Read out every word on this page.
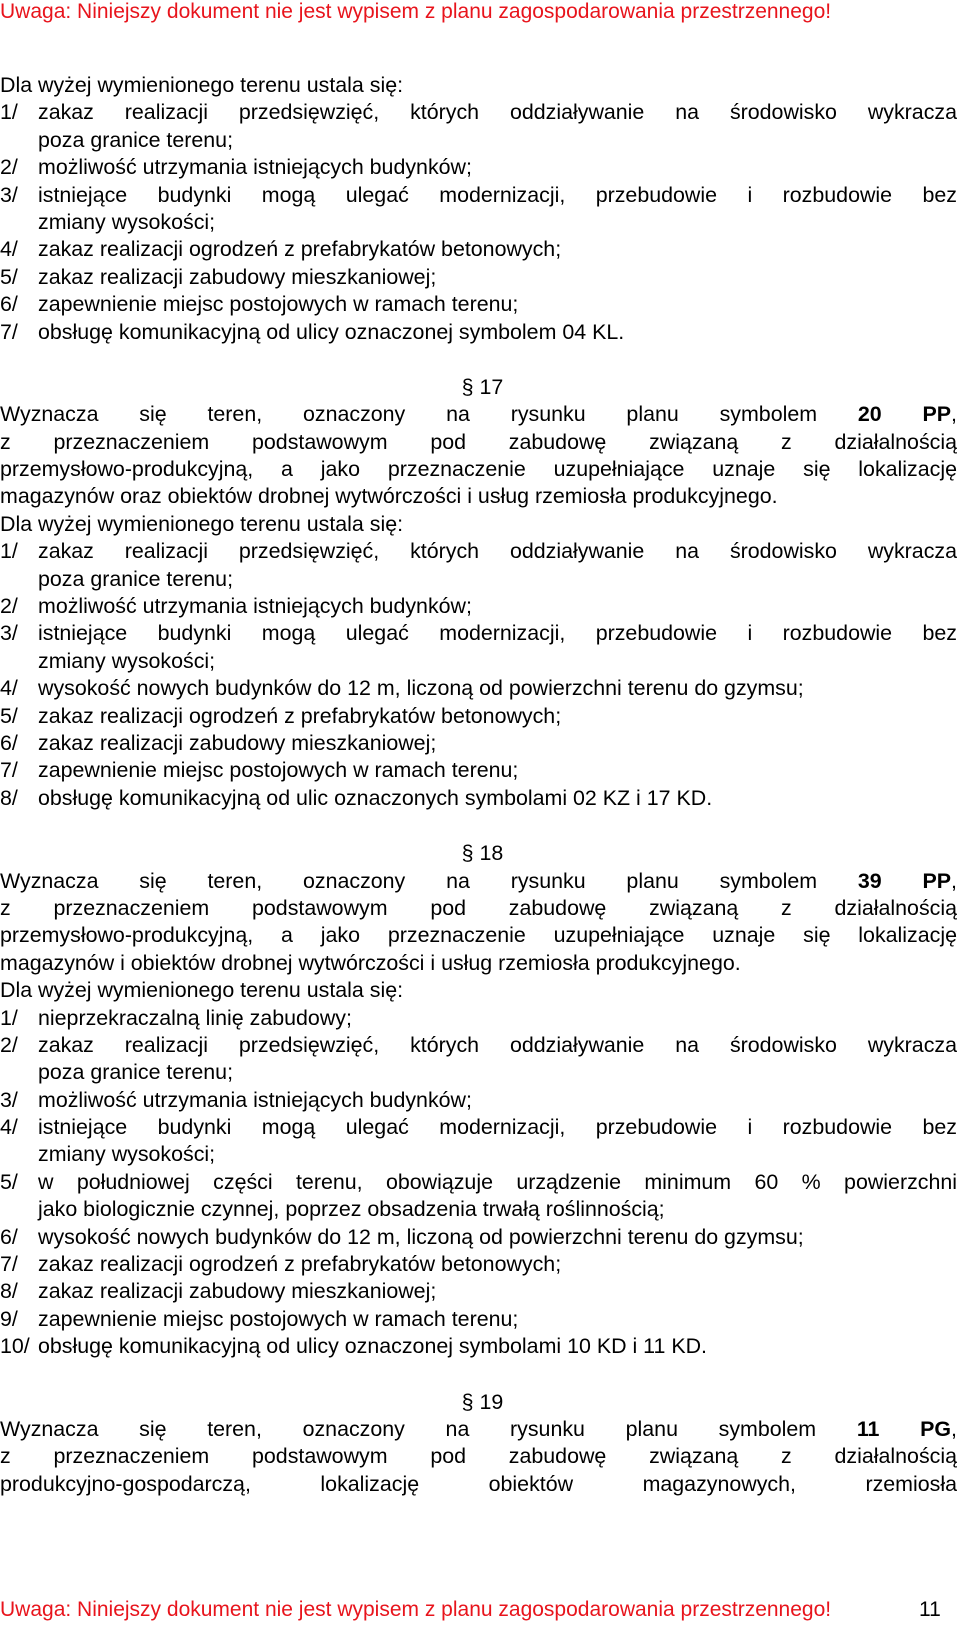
Uwaga: Niniejszy dokument nie jest wypisem z planu zagospodarowania przestrzennego!
Dla wyżej wymienionego terenu ustala się:
1/ zakaz realizacji przedsięwzięć, których oddziaływanie na środowisko wykracza
poza granice terenu;
2/ możliwość utrzymania istniejących budynków;
3/ istniejące budynki mogą ulegać modernizacji, przebudowie i rozbudowie bez
zmiany wysokości;
4/ zakaz realizacji ogrodzeń z prefabrykatów betonowych;
5/ zakaz realizacji zabudowy mieszkaniowej;
6/ zapewnienie miejsc postojowych w ramach terenu;
7/ obsługę komunikacyjną od ulicy oznaczonej symbolem 04 KL.
§ 17
Wyznacza się teren, oznaczony na rysunku planu symbolem 20 PP,
z przeznaczeniem podstawowym pod zabudowę związaną z działalnością
przemysłowo-produkcyjną, a jako przeznaczenie uzupełniające uznaje się lokalizację
magazynów oraz obiektów drobnej wytwórczości i usług rzemiosła produkcyjnego.
Dla wyżej wymienionego terenu ustala się:
1/ zakaz realizacji przedsięwzięć, których oddziaływanie na środowisko wykracza
poza granice terenu;
2/ możliwość utrzymania istniejących budynków;
3/ istniejące budynki mogą ulegać modernizacji, przebudowie i rozbudowie bez
zmiany wysokości;
4/ wysokość nowych budynków do 12 m, liczoną od powierzchni terenu do gzymsu;
5/ zakaz realizacji ogrodzeń z prefabrykatów betonowych;
6/ zakaz realizacji zabudowy mieszkaniowej;
7/ zapewnienie miejsc postojowych w ramach terenu;
8/ obsługę komunikacyjną od ulic oznaczonych symbolami 02 KZ i 17 KD.
§ 18
Wyznacza się teren, oznaczony na rysunku planu symbolem 39 PP,
z przeznaczeniem podstawowym pod zabudowę związaną z działalnością
przemysłowo-produkcyjną, a jako przeznaczenie uzupełniające uznaje się lokalizację
magazynów i obiektów drobnej wytwórczości i usług rzemiosła produkcyjnego.
Dla wyżej wymienionego terenu ustala się:
1/ nieprzekraczalną linię zabudowy;
2/ zakaz realizacji przedsięwzięć, których oddziaływanie na środowisko wykracza
poza granice terenu;
3/ możliwość utrzymania istniejących budynków;
4/ istniejące budynki mogą ulegać modernizacji, przebudowie i rozbudowie bez
zmiany wysokości;
5/ w południowej części terenu, obowiązuje urządzenie minimum 60 % powierzchni
jako biologicznie czynnej, poprzez obsadzenia trwałą roślinnością;
6/ wysokość nowych budynków do 12 m, liczoną od powierzchni terenu do gzymsu;
7/ zakaz realizacji ogrodzeń z prefabrykatów betonowych;
8/ zakaz realizacji zabudowy mieszkaniowej;
9/ zapewnienie miejsc postojowych w ramach terenu;
10/ obsługę komunikacyjną od ulicy oznaczonej symbolami 10 KD i 11 KD.
§ 19
Wyznacza się teren, oznaczony na rysunku planu symbolem 11 PG,
z przeznaczeniem podstawowym pod zabudowę związaną z działalnością
produkcyjno-gospodarczą, lokalizację obiektów magazynowych, rzemiosła
Uwaga: Niniejszy dokument nie jest wypisem z planu zagospodarowania przestrzennego!	11
